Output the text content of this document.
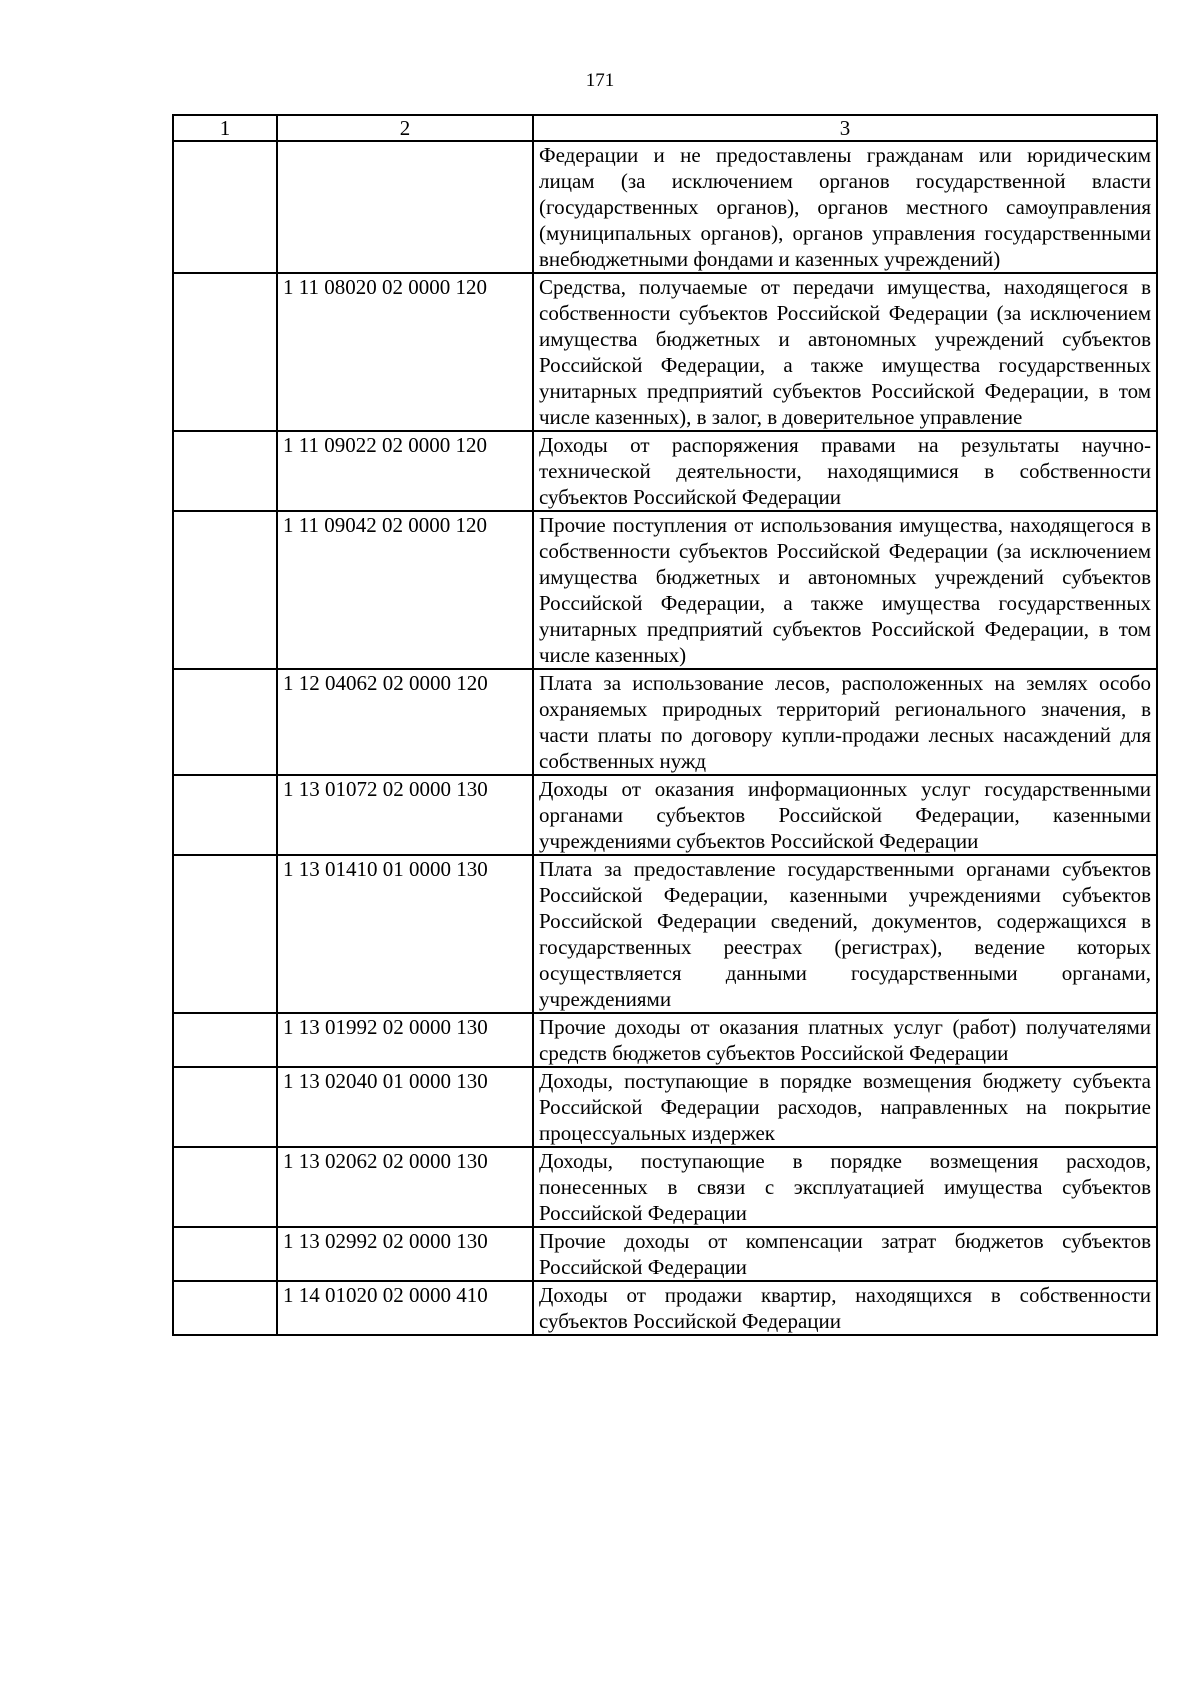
171
1	2	3
		Федерации и не предоставлены гражданам или юридическим лицам (за исключением органов государственной власти (государственных органов), органов местного самоуправления (муниципальных органов), органов управления государственными внебюджетными фондами и казенных учреждений)
	1 11 08020 02 0000 120	Средства, получаемые от передачи имущества, находящегося в собственности субъектов Российской Федерации (за исключением имущества бюджетных и автономных учреждений субъектов Российской Федерации, а также имущества государственных унитарных предприятий субъектов Российской Федерации, в том числе казенных), в залог, в доверительное управление
	1 11 09022 02 0000 120	Доходы от распоряжения правами на результаты научно-технической деятельности, находящимися в собственности субъектов Российской Федерации
	1 11 09042 02 0000 120	Прочие поступления от использования имущества, находящегося в собственности субъектов Российской Федерации (за исключением имущества бюджетных и автономных учреждений субъектов Российской Федерации, а также имущества государственных унитарных предприятий субъектов Российской Федерации, в том числе казенных)
	1 12 04062 02 0000 120	Плата за использование лесов, расположенных на землях особо охраняемых природных территорий регионального значения, в части платы по договору купли-продажи лесных насаждений для собственных нужд
	1 13 01072 02 0000 130	Доходы от оказания информационных услуг государственными органами субъектов Российской Федерации, казенными учреждениями субъектов Российской Федерации
	1 13 01410 01 0000 130	Плата за предоставление государственными органами субъектов Российской Федерации, казенными учреждениями субъектов Российской Федерации сведений, документов, содержащихся в государственных реестрах (регистрах), ведение которых осуществляется данными государственными органами, учреждениями
	1 13 01992 02 0000 130	Прочие доходы от оказания платных услуг (работ) получателями средств бюджетов субъектов Российской Федерации
	1 13 02040 01 0000 130	Доходы, поступающие в порядке возмещения бюджету субъекта Российской Федерации расходов, направленных на покрытие процессуальных издержек
	1 13 02062 02 0000 130	Доходы, поступающие в порядке возмещения расходов, понесенных в связи с эксплуатацией имущества субъектов Российской Федерации
	1 13 02992 02 0000 130	Прочие доходы от компенсации затрат бюджетов субъектов Российской Федерации
	1 14 01020 02 0000 410	Доходы от продажи квартир, находящихся в собственности субъектов Российской Федерации
